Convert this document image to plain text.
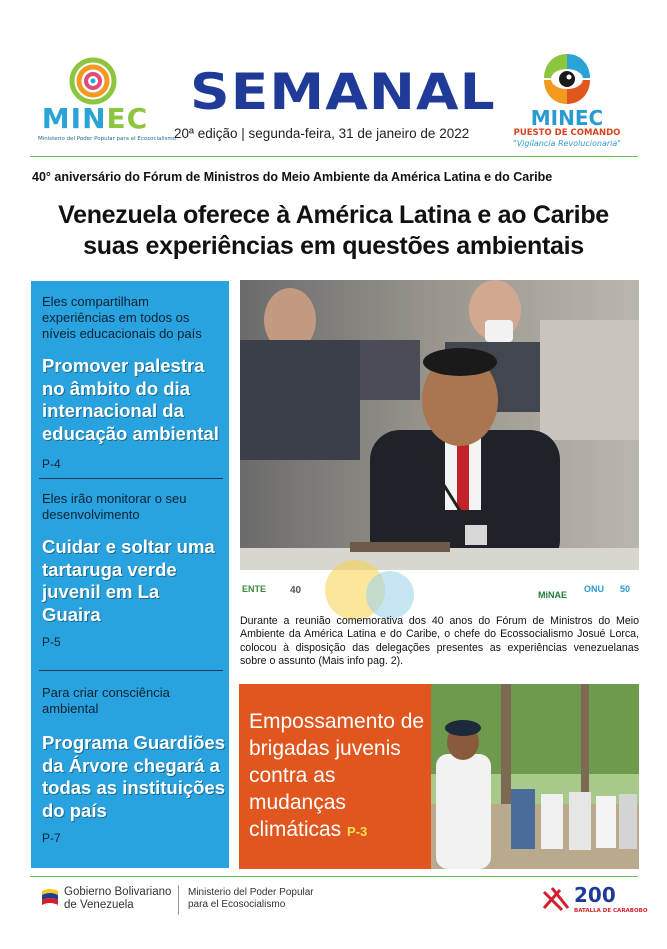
MINEC
Ministerio del Poder Popular para el Ecosocialismo
SEMANAL
20ª edição | segunda-feira, 31 de janeiro de 2022
MINEC
PUESTO DE COMANDO
"Vigilancia Revolucionaria"
40° aniversário do Fórum de Ministros do Meio Ambiente da América Latina e do Caribe
Venezuela oferece à América Latina e ao Caribe
suas experiências em questões ambientais
Eles compartilham experiências em todos os níveis educacionais do país
Promover palestra no âmbito do dia internacional da educação ambiental
P-4
Eles irão monitorar o seu desenvolvimento
Cuidar e soltar uma tartaruga verde juvenil em La Guaira
P-5
Para criar consciência ambiental
Programa Guardiões da Árvore chegará a todas as instituições do país
P-7
ENTE 40	MiNAE
ONU 50
Durante a reunião comemorativa dos 40 anos do Fórum de Ministros do Meio Ambiente da América Latina e do Caribe, o chefe do Ecossocialismo Josué Lorca, colocou à disposição das delegações presentes as experiências venezuelanas sobre o assunto (Mais info pag. 2).
Empossamento de brigadas juvenis contra as mudanças climáticas P-3
Gobierno Bolivariano
de Venezuela
Ministerio del Poder Popular
para el Ecosocialismo	200
BATALLA DE CARABOBO
